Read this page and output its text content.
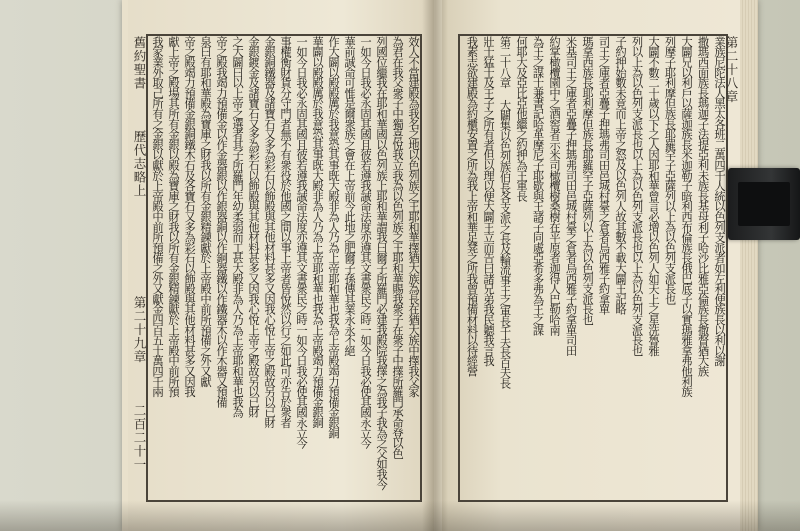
效人不當建殿為我名之地以色列族之王耶和華擇猶大族為長在猶大族中擇我父家
為君在我父衆子中獨喜悅我立我為以色列族之王耶和華賜我衆子在衆子中擇所羅門承命登以色
列國位繼我在耶和華國以色列族上耶和華謂我曰爾子所羅門必建我殿院我擇之為我子我為之父如我今
一如今日我必永固其國且彼若遵我誡命法度亦遵其文書衆民之時一如今日我必使其國永立今
華前誠命可惟是爾衆族之會在上帝前今此地之肥爾子孫傳其業永永不絕
作大闢以殿殿厲於我意恐其事既大殿非為人乃為上帝耶和華也我為上帝殿竭力預備金銀銅
華闢以殿殿厲於我意恐其事既大殿非為人乃為上帝耶和華也我為上帝殿竭力預備金銀銅
一如今日我必永固其國且彼若遵我誡命法度亦遵其文書衆民之時一如今日我必使其國永立今
事權衡財貨分守門者無不有衆役於他國之間以事上帝者皆悅然以行之如此可亦告於衆者
金銀銅鐵器及諸寶石又多為彩石以飾殿與其他材料甚多又因我心悅上帝之殿故另以已財
金銀鍍金及諸寶石又多為彩石以飾殿與其他材料甚多又因我心悅上帝之殿故另以已財
之大闢曰以上帝之選者其子所羅門年幼柔弱而工甚大殿非為人乃為上帝耶和華也我為
帝之殿我竭力預備金以作金器銀以作銀器銅以作銅器鐵以作鐵器木以作木器又預備
泉曰有耶和華殿為寶庫之財我以所有金銀精鍊獻於上帝殿中前所預備之外又獻
帝之殿竭力預備金銀銅鐵木石及各寶石又多為彩石以飾殿與其他材料甚多又因我
獻上帝之殿場其所有金銀以殿為寶庫之財我以所有金銀精鍊獻於上帝殿中前所預
我家業外取己所有之金銀以獻於上帝殿中前所預備之外又獻金四百五十萬四千兩
舊約聖書
歷代志略上
第二十九章
二百二十一
業族尼陀法人黑太各班二萬四千人統以色列支派者如左利便族長以利以謝
撒瑪西面族長瑪迦子法提亞利未族長基母利子哈沙比雅亞倫族長撒督猶大族
大闢兄以利戶以薩迦族長米迦勒子暗利西布倫族長俄巴底子以實瑪雅拿弗他利族
列摩子耶利摩但族長耶羅罕子亞薩列以上為以色列支派長也
大闢不數二十歲以下之人因耶和華曾言必增以色列人如天上之星洗魯雅
列以上為以色列支派長也以上為以色列支派長也以上為以色列支派長也
子約押始數未竟而上帝之怒及以色列人故其數不載大闢王記略
司王之庫者亞疊子押瑪弗司田邑城村臺之倉者烏西雅子約拿單
瑪拿西族長耶利摩但族長耶羅罕子亞薩列以上為以色列支派長也
米基司王之庫者亞疊子押瑪弗司田邑城村臺之倉者烏西雅子約拿單司田
約掌橄欖園中之酒窖者示米司橄欖樹桑樹在平原者迦得人巴勒哈南
為王之謀士兼書記哈革摩尼子耶歇與王諸子同處亞希多弗為王之謀
何耶大及亞比亞他繼之約押為王軍長
第二十八章 大闢集以色列族伯長各支派之長及輪流事王之軍長千夫長百夫長
壯士猛士及王子之所有者但以理以便大闢王立而告曰諸兄弟我民聽我言我
我素志欲建殿為約櫃安置之所為我上帝和華足凳之所我曾預備材料以待經營	第二十八章
